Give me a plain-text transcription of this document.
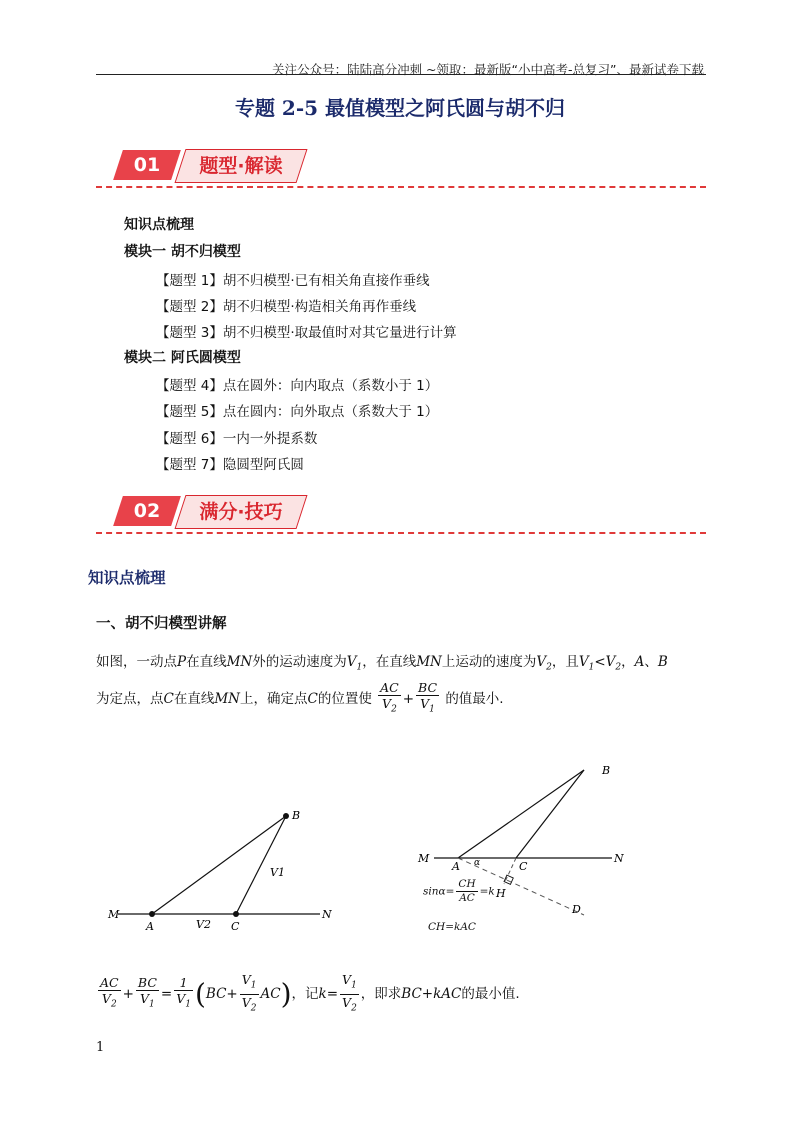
关注公众号：陆陆高分冲刺 ~领取：最新版“小中高考-总复习”、最新试卷下载
专题 2-5 最值模型之阿氏圆与胡不归
01	题型·解读
知识点梳理
模块一 胡不归模型
【题型 1】胡不归模型·已有相关角直接作垂线
【题型 2】胡不归模型·构造相关角再作垂线
【题型 3】胡不归模型·取最值时对其它量进行计算
模块二 阿氏圆模型
【题型 4】点在圆外：向内取点（系数小于 1）
【题型 5】点在圆内：向外取点（系数大于 1）
【题型 6】一内一外提系数
【题型 7】隐圆型阿氏圆
02	满分·技巧
知识点梳理
一、胡不归模型讲解
如图，一动点P在直线MN外的运动速度为$V_1$，在直线MN上运动的速度为$V_2$，且$V_1<V_2$，A、B
为定点，点C在直线MN上，确定点C的位置使 $\frac{AC}{V_2} + \frac{BC}{V_1}$ 的值最小.
B
V1
M
A	V2 C
N
B
M
A α	C
N
H
D
$\sin\alpha= \frac{CH}{AC} =k$
CH=kAC
$\frac{AC}{V_2} + \frac{BC}{V_1} = \frac{1}{V_1} (BC+ \frac{V_1}{V_2} AC)$，记$k= \frac{V_1}{V_2}$ ，即求BC+kAC的最小值.
1
